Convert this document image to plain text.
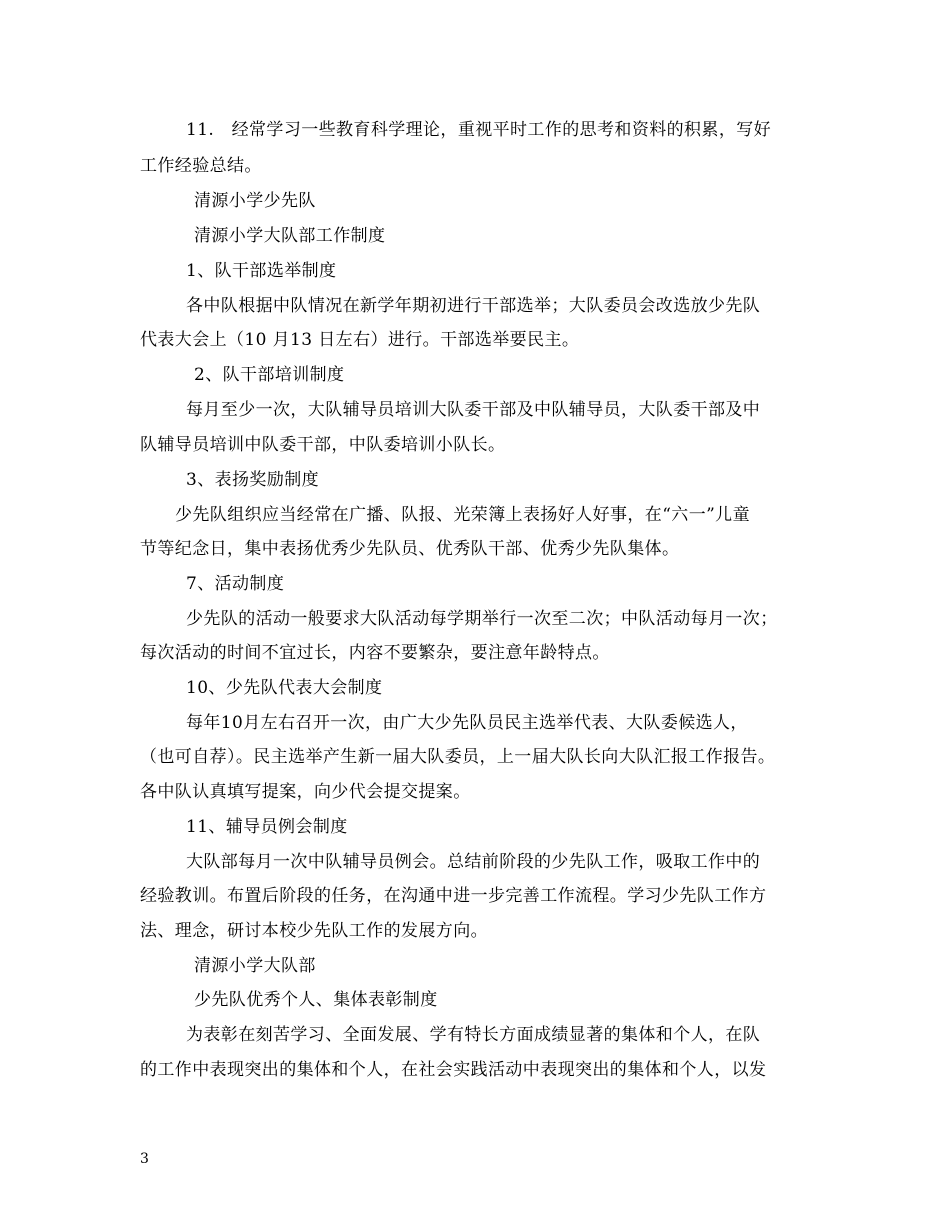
11.　经常学习一些教育科学理论，重视平时工作的思考和资料的积累，写好
工作经验总结。
清源小学少先队
清源小学大队部工作制度
1、队干部选举制度
各中队根据中队情况在新学年期初进行干部选举；大队委员会改选放少先队
代表大会上（10 月13 日左右）进行。干部选举要民主。
2、队干部培训制度
每月至少一次，大队辅导员培训大队委干部及中队辅导员，大队委干部及中
队辅导员培训中队委干部，中队委培训小队长。
3、表扬奖励制度
少先队组织应当经常在广播、队报、光荣簿上表扬好人好事，在“六一”儿童
节等纪念日，集中表扬优秀少先队员、优秀队干部、优秀少先队集体。
7、活动制度
少先队的活动一般要求大队活动每学期举行一次至二次；中队活动每月一次；
每次活动的时间不宜过长，内容不要繁杂，要注意年龄特点。
10、少先队代表大会制度
每年10月左右召开一次，由广大少先队员民主选举代表、大队委候选人，
（也可自荐）。民主选举产生新一届大队委员，上一届大队长向大队汇报工作报告。
各中队认真填写提案，向少代会提交提案。
11、辅导员例会制度
大队部每月一次中队辅导员例会。总结前阶段的少先队工作，吸取工作中的
经验教训。布置后阶段的任务，在沟通中进一步完善工作流程。学习少先队工作方
法、理念，研讨本校少先队工作的发展方向。
清源小学大队部
少先队优秀个人、集体表彰制度
为表彰在刻苦学习、全面发展、学有特长方面成绩显著的集体和个人，在队
的工作中表现突出的集体和个人，在社会实践活动中表现突出的集体和个人，以发
3
